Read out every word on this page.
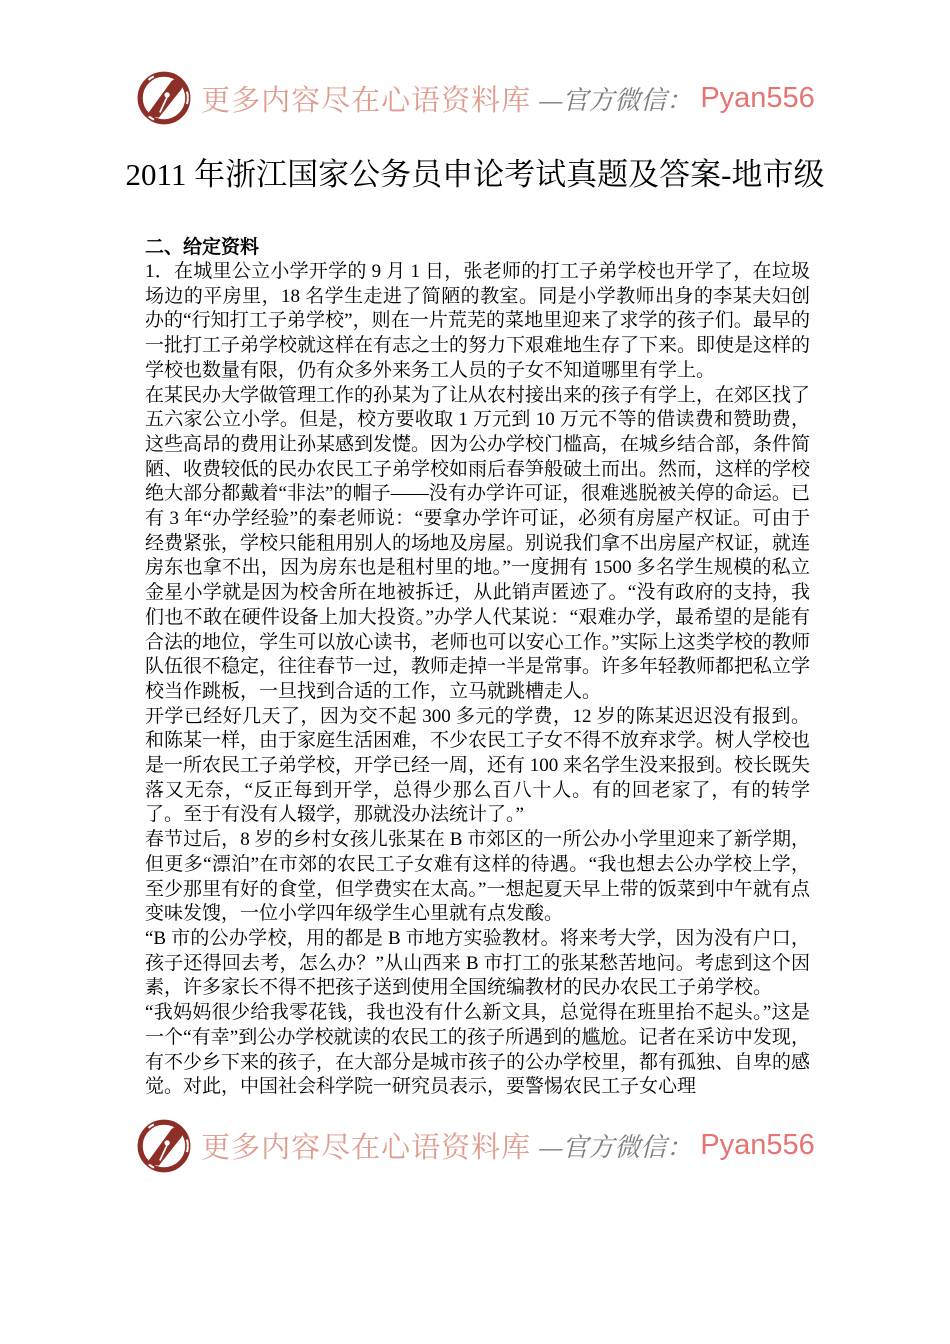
更多内容尽在心语资料库 —官方微信： Pyan556
2011 年浙江国家公务员申论考试真题及答案-地市级
二、给定资料

1．在城里公立小学开学的 9 月 1 日，张老师的打工子弟学校也开学了，在垃圾场边的平房里，18 名学生走进了简陋的教室。同是小学教师出身的李某夫妇创办的“行知打工子弟学校”，则在一片荒芜的菜地里迎来了求学的孩子们。最早的一批打工子弟学校就这样在有志之士的努力下艰难地生存了下来。即使是这样的学校也数量有限，仍有众多外来务工人员的子女不知道哪里有学上。

在某民办大学做管理工作的孙某为了让从农村接出来的孩子有学上，在郊区找了五六家公立小学。但是，校方要收取 1 万元到 10 万元不等的借读费和赞助费，这些高昂的费用让孙某感到发憷。因为公办学校门槛高，在城乡结合部，条件简陋、收费较低的民办农民工子弟学校如雨后春笋般破土而出。然而，这样的学校绝大部分都戴着“非法”的帽子——没有办学许可证，很难逃脱被关停的命运。已有 3 年“办学经验”的秦老师说：“要拿办学许可证，必须有房屋产权证。可由于经费紧张，学校只能租用别人的场地及房屋。别说我们拿不出房屋产权证，就连房东也拿不出，因为房东也是租村里的地。”一度拥有 1500 多名学生规模的私立金星小学就是因为校舍所在地被拆迁，从此销声匿迹了。“没有政府的支持，我们也不敢在硬件设备上加大投资。”办学人代某说：“艰难办学，最希望的是能有合法的地位，学生可以放心读书，老师也可以安心工作。”实际上这类学校的教师队伍很不稳定，往往春节一过，教师走掉一半是常事。许多年轻教师都把私立学校当作跳板，一旦找到合适的工作，立马就跳槽走人。

开学已经好几天了，因为交不起 300 多元的学费，12 岁的陈某迟迟没有报到。和陈某一样，由于家庭生活困难，不少农民工子女不得不放弃求学。树人学校也是一所农民工子弟学校，开学已经一周，还有 100 来名学生没来报到。校长既失落又无奈，“反正每到开学，总得少那么百八十人。有的回老家了，有的转学了。至于有没有人辍学，那就没办法统计了。”

春节过后，8 岁的乡村女孩儿张某在 B 市郊区的一所公办小学里迎来了新学期，但更多“漂泊”在市郊的农民工子女难有这样的待遇。“我也想去公办学校上学，至少那里有好的食堂，但学费实在太高。”一想起夏天早上带的饭菜到中午就有点变味发馊，一位小学四年级学生心里就有点发酸。

“B 市的公办学校，用的都是 B 市地方实验教材。将来考大学，因为没有户口，孩子还得回去考，怎么办？”从山西来 B 市打工的张某愁苦地问。考虑到这个因素，许多家长不得不把孩子送到使用全国统编教材的民办农民工子弟学校。

“我妈妈很少给我零花钱，我也没有什么新文具，总觉得在班里抬不起头。”这是一个“有幸”到公办学校就读的农民工的孩子所遇到的尴尬。记者在采访中发现，有不少乡下来的孩子，在大部分是城市孩子的公办学校里，都有孤独、自卑的感觉。对此，中国社会科学院一研究员表示，要警惕农民工子女心理

更多内容尽在心语资料库 —官方微信： Pyan556
